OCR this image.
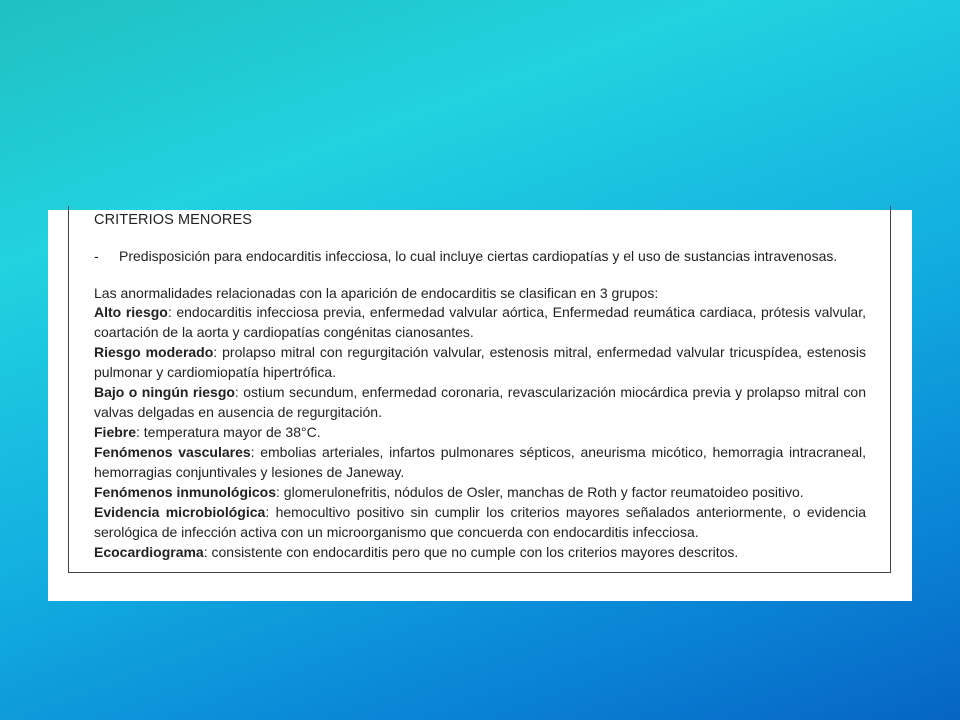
CRITERIOS MENORES
- Predisposición para endocarditis infecciosa, lo cual incluye ciertas cardiopatías y el uso de sustancias intravenosas.
Las anormalidades relacionadas con la aparición de endocarditis se clasifican en 3 grupos:

Alto riesgo: endocarditis infecciosa previa, enfermedad valvular aórtica, Enfermedad reumática cardiaca, prótesis valvular, coartación de la aorta y cardiopatías congénitas cianosantes.

Riesgo moderado: prolapso mitral con regurgitación valvular, estenosis mitral, enfermedad valvular tricuspídea, estenosis pulmonar y cardiomiopatía hipertrófica.

Bajo o ningún riesgo: ostium secundum, enfermedad coronaria, revascularización miocárdica previa y prolapso mitral con valvas delgadas en ausencia de regurgitación.

Fiebre: temperatura mayor de 38°C.

Fenómenos vasculares: embolias arteriales, infartos pulmonares sépticos, aneurisma micótico, hemorragia intracraneal, hemorragias conjuntivales y lesiones de Janeway.

Fenómenos inmunológicos: glomerulonefritis, nódulos de Osler, manchas de Roth y factor reumatoideo positivo.

Evidencia microbiológica: hemocultivo positivo sin cumplir los criterios mayores señalados anteriormente, o evidencia serológica de infección activa con un microorganismo que concuerda con endocarditis infecciosa.

Ecocardiograma: consistente con endocarditis pero que no cumple con los criterios mayores descritos.
